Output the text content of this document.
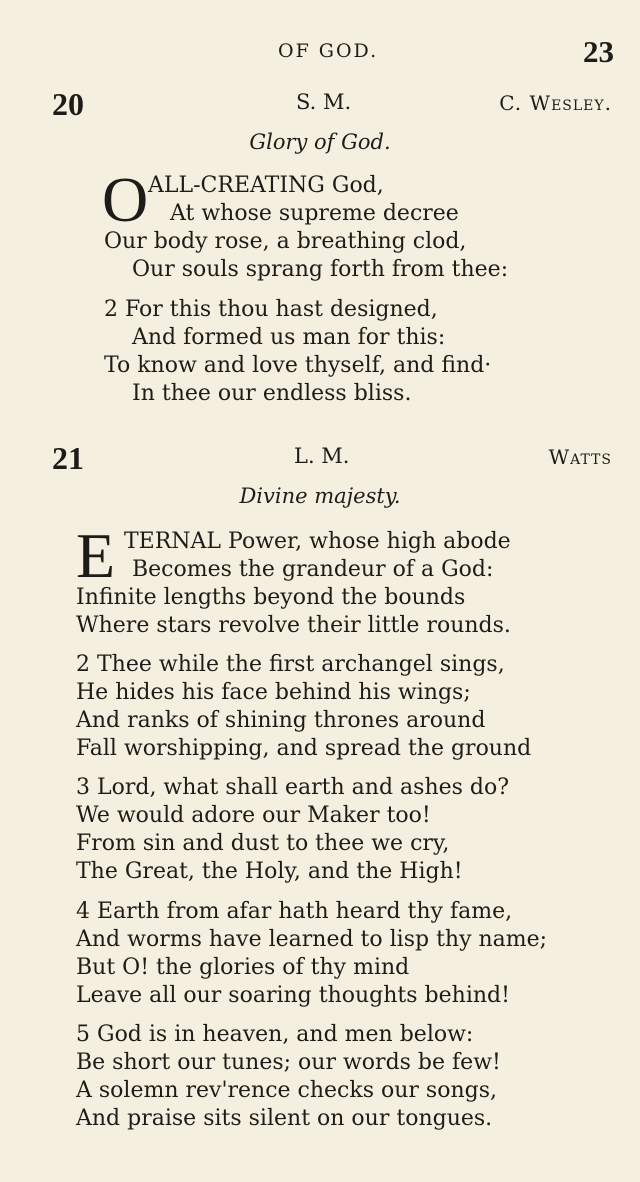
OF GOD.	23
20	S. M.	C. Wesley.
Glory of God.
O ALL-CREATING God,
At whose supreme decree
Our body rose, a breathing clod,
Our souls sprang forth from thee:
2 For this thou hast designed,
And formed us man for this:
To know and love thyself, and find·
In thee our endless bliss.
21	L. M.	Watts
Divine majesty.
E TERNAL Power, whose high abode
Becomes the grandeur of a God:
Infinite lengths beyond the bounds
Where stars revolve their little rounds.
2 Thee while the first archangel sings,
He hides his face behind his wings;
And ranks of shining thrones around
Fall worshipping, and spread the ground
3 Lord, what shall earth and ashes do?
We would adore our Maker too!
From sin and dust to thee we cry,
The Great, the Holy, and the High!
4 Earth from afar hath heard thy fame,
And worms have learned to lisp thy name;
But O! the glories of thy mind
Leave all our soaring thoughts behind!
5 God is in heaven, and men below:
Be short our tunes; our words be few!
A solemn rev'rence checks our songs,
And praise sits silent on our tongues.
